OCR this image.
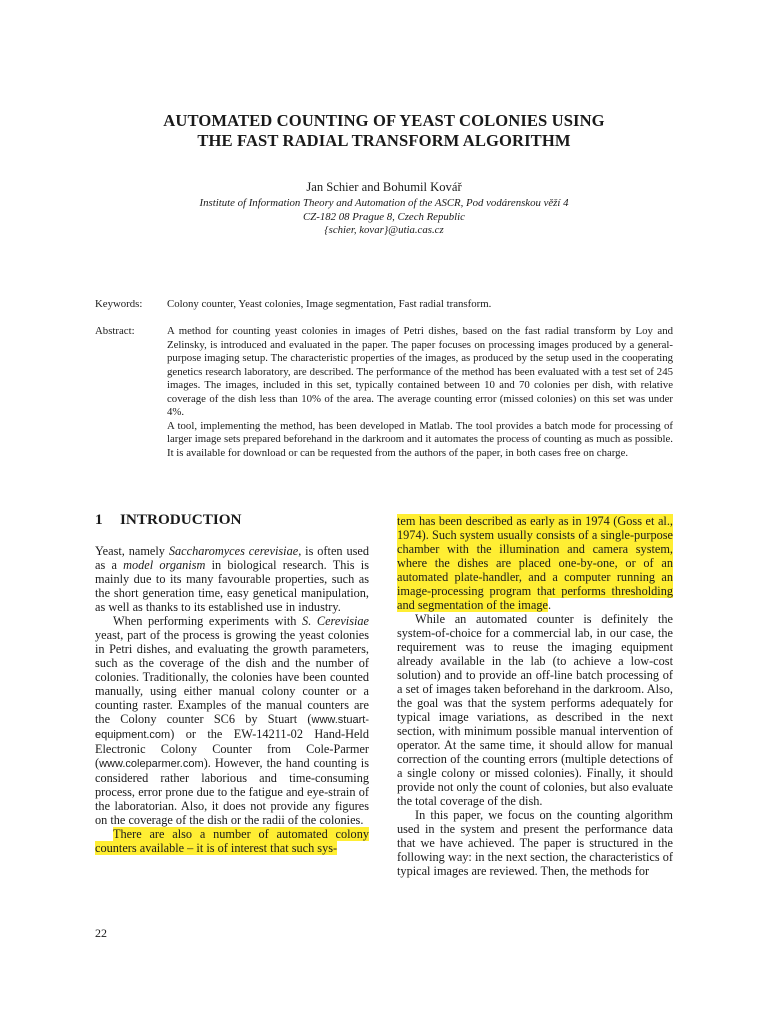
AUTOMATED COUNTING OF YEAST COLONIES USING
THE FAST RADIAL TRANSFORM ALGORITHM
Jan Schier and Bohumil Kovář
Institute of Information Theory and Automation of the ASCR, Pod vodárenskou věží 4
CZ-182 08 Prague 8, Czech Republic
{schier, kovar}@utia.cas.cz
Keywords: Colony counter, Yeast colonies, Image segmentation, Fast radial transform.
Abstract:	A method for counting yeast colonies in images of Petri dishes, based on the fast radial transform by Loy and Zelinsky, is introduced and evaluated in the paper. The paper focuses on processing images produced by a general-purpose imaging setup. The characteristic properties of the images, as produced by the setup used in the cooperating genetics research laboratory, are described. The performance of the method has been evaluated with a test set of 245 images. The images, included in this set, typically contained between 10 and 70 colonies per dish, with relative coverage of the dish less than 10% of the area. The average counting error (missed colonies) on this set was under 4%.

A tool, implementing the method, has been developed in Matlab. The tool provides a batch mode for processing of larger image sets prepared beforehand in the darkroom and it automates the process of counting as much as possible. It is available for download or can be requested from the authors of the paper, in both cases free on charge.

1 INTRODUCTION

Yeast, namely Saccharomyces cerevisiae, is often used as a model organism in biological research. This is mainly due to its many favourable properties, such as the short generation time, easy genetical manipulation, as well as thanks to its established use in industry.

When performing experiments with S. Cerevisiae yeast, part of the process is growing the yeast colonies in Petri dishes, and evaluating the growth parameters, such as the coverage of the dish and the number of colonies. Traditionally, the colonies have been counted manually, using either manual colony counter or a counting raster. Examples of the manual counters are the Colony counter SC6 by Stuart (www.stuart-equipment.com) or the EW-14211-02 Hand-Held Electronic Colony Counter from Cole-Parmer (www.coleparmer.com). However, the hand counting is considered rather laborious and time-consuming process, error prone due to the fatigue and eye-strain of the laboratorian. Also, it does not provide any figures on the coverage of the dish or the radii of the colonies.

There are also a number of automated colony counters available – it is of interest that such sys-

tem has been described as early as in 1974 (Goss et al., 1974). Such system usually consists of a single-purpose chamber with the illumination and camera system, where the dishes are placed one-by-one, or of an automated plate-handler, and a computer running an image-processing program that performs thresholding and segmentation of the image.

While an automated counter is definitely the system-of-choice for a commercial lab, in our case, the requirement was to reuse the imaging equipment already available in the lab (to achieve a low-cost solution) and to provide an off-line batch processing of a set of images taken beforehand in the darkroom. Also, the goal was that the system performs adequately for typical image variations, as described in the next section, with minimum possible manual intervention of operator. At the same time, it should allow for manual correction of the counting errors (multiple detections of a single colony or missed colonies). Finally, it should provide not only the count of colonies, but also evaluate the total coverage of the dish.

In this paper, we focus on the counting algorithm used in the system and present the performance data that we have achieved. The paper is structured in the following way: in the next section, the characteristics of typical images are reviewed. Then, the methods for

22
